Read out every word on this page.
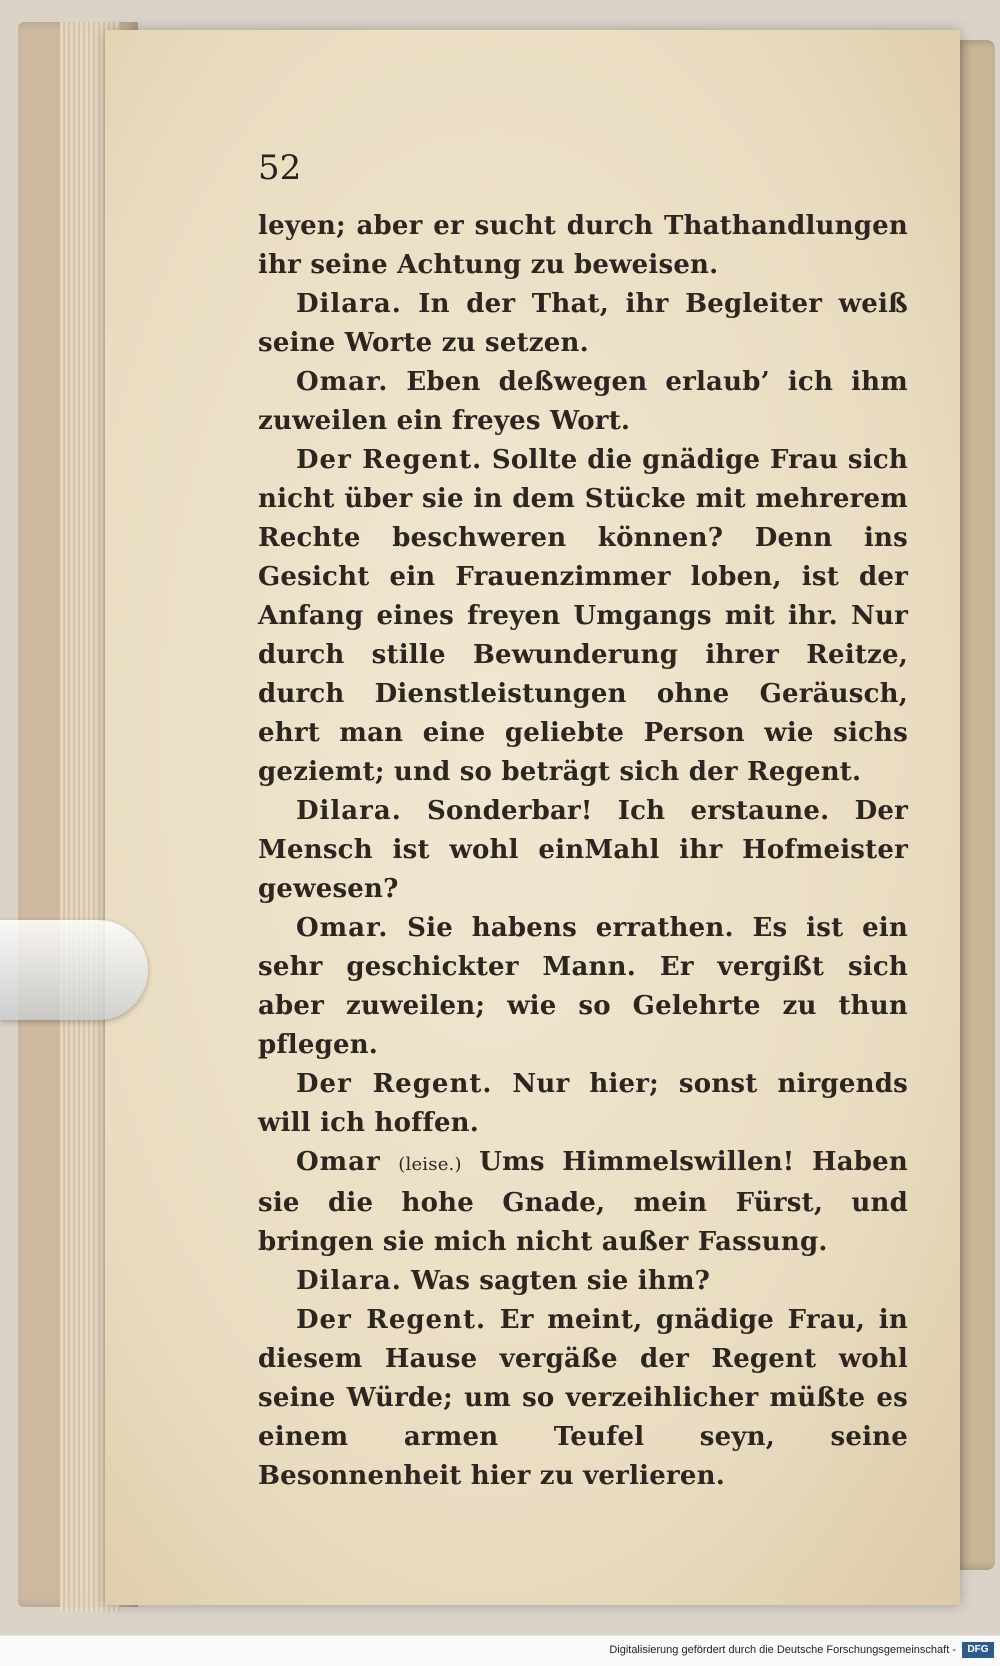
52

leyen; aber er sucht durch Thathandlungen ihr seine Achtung zu beweisen.

Dilara. In der That, ihr Begleiter weiß seine Worte zu setzen.

Omar. Eben deßwegen erlaub’ ich ihm zuweilen ein freyes Wort.

Der Regent. Sollte die gnädige Frau sich nicht über sie in dem Stücke mit mehrerem Rechte beschweren können? Denn ins Gesicht ein Frauenzimmer loben, ist der Anfang eines freyen Umgangs mit ihr. Nur durch stille Bewunderung ihrer Reitze, durch Dienstleistungen ohne Geräusch, ehrt man eine geliebte Person wie sichs geziemt; und so beträgt sich der Regent.

Dilara. Sonderbar! Ich erstaune. Der Mensch ist wohl einMahl ihr Hofmeister gewesen?

Omar. Sie habens errathen. Es ist ein sehr geschickter Mann. Er vergißt sich aber zuweilen; wie so Gelehrte zu thun pflegen.

Der Regent. Nur hier; sonst nirgends will ich hoffen.

Omar (leise.) Ums Himmelswillen! Haben sie die hohe Gnade, mein Fürst, und bringen sie mich nicht außer Fassung.

Dilara. Was sagten sie ihm?

Der Regent. Er meint, gnädige Frau, in diesem Hause vergäße der Regent wohl seine Würde; um so verzeihlicher müßte es einem armen Teufel seyn, seine Besonnenheit hier zu verlieren.

Digitalisierung gefördert durch die Deutsche Forschungsgemeinschaft -	DFG
